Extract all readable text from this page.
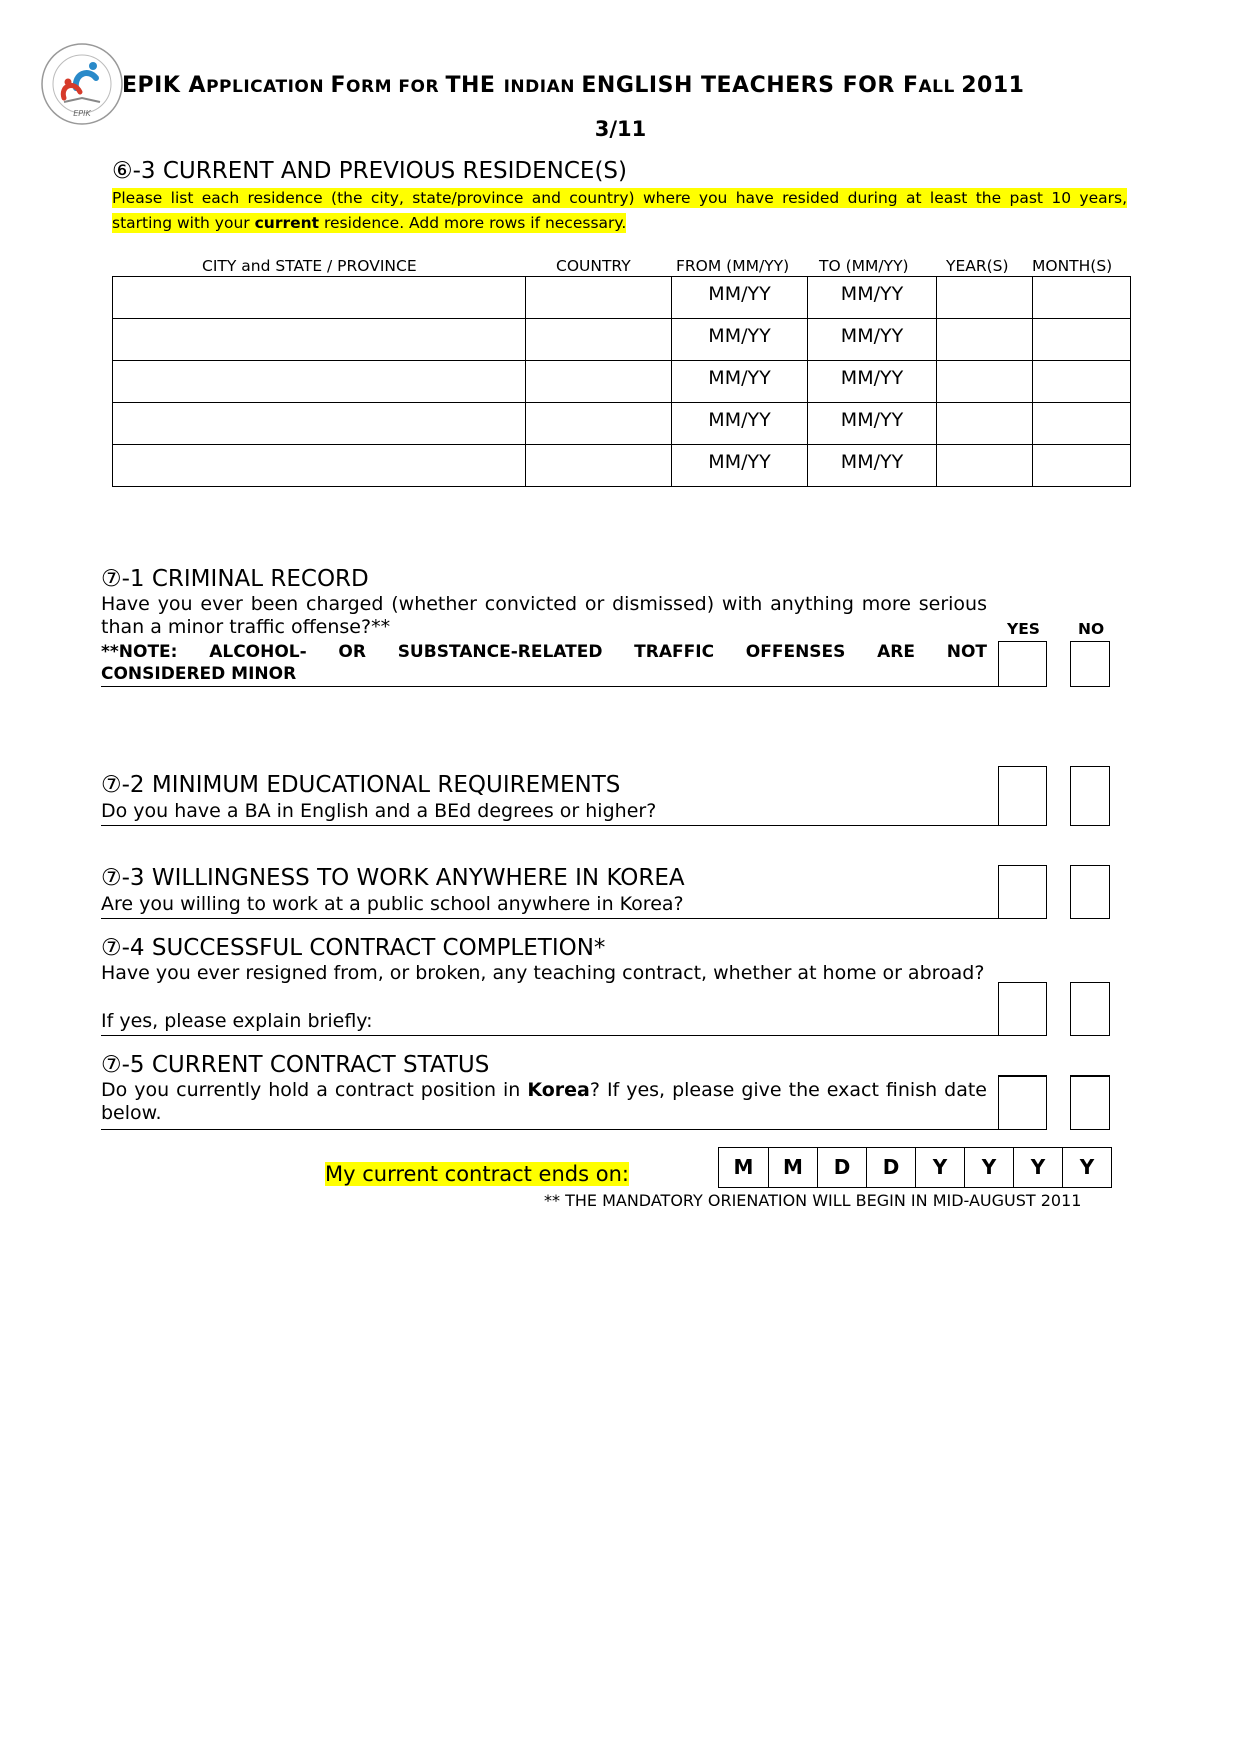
EPIK
EPIK APPLICATION FORM FOR THE INDIAN ENGLISH TEACHERS FOR FALL 2011
3/11
⑥-3 CURRENT AND PREVIOUS RESIDENCE(S)
Please list each residence (the city, state/province and country) where you have resided during at least the past 10 years, starting with your current residence. Add more rows if necessary.
CITY and STATE / PROVINCE	COUNTRY	FROM (MM/YY) TO (MM/YY) YEAR(S) MONTH(S)
		MM/YY	MM/YY		
		MM/YY	MM/YY		
		MM/YY	MM/YY		
		MM/YY	MM/YY		
		MM/YY	MM/YY		
⑦-1 CRIMINAL RECORD
Have you ever been charged (whether convicted or dismissed) with anything more serious than a minor traffic offense?**
**NOTE: ALCOHOL- OR SUBSTANCE-RELATED TRAFFIC OFFENSES ARE NOT
CONSIDERED MINOR
YES NO
⑦-2 MINIMUM EDUCATIONAL REQUIREMENTS
Do you have a BA in English and a BEd degrees or higher?
⑦-3 WILLINGNESS TO WORK ANYWHERE IN KOREA
Are you willing to work at a public school anywhere in Korea?
⑦-4 SUCCESSFUL CONTRACT COMPLETION*
Have you ever resigned from, or broken, any teaching contract, whether at home or abroad?
If yes, please explain briefly:
⑦-5 CURRENT CONTRACT STATUS
Do you currently hold a contract position in Korea? If yes, please give the exact finish date below.
My current contract ends on:	M	M	D	D	Y	Y	Y	Y
** THE MANDATORY ORIENATION WILL BEGIN IN MID-AUGUST 2011
